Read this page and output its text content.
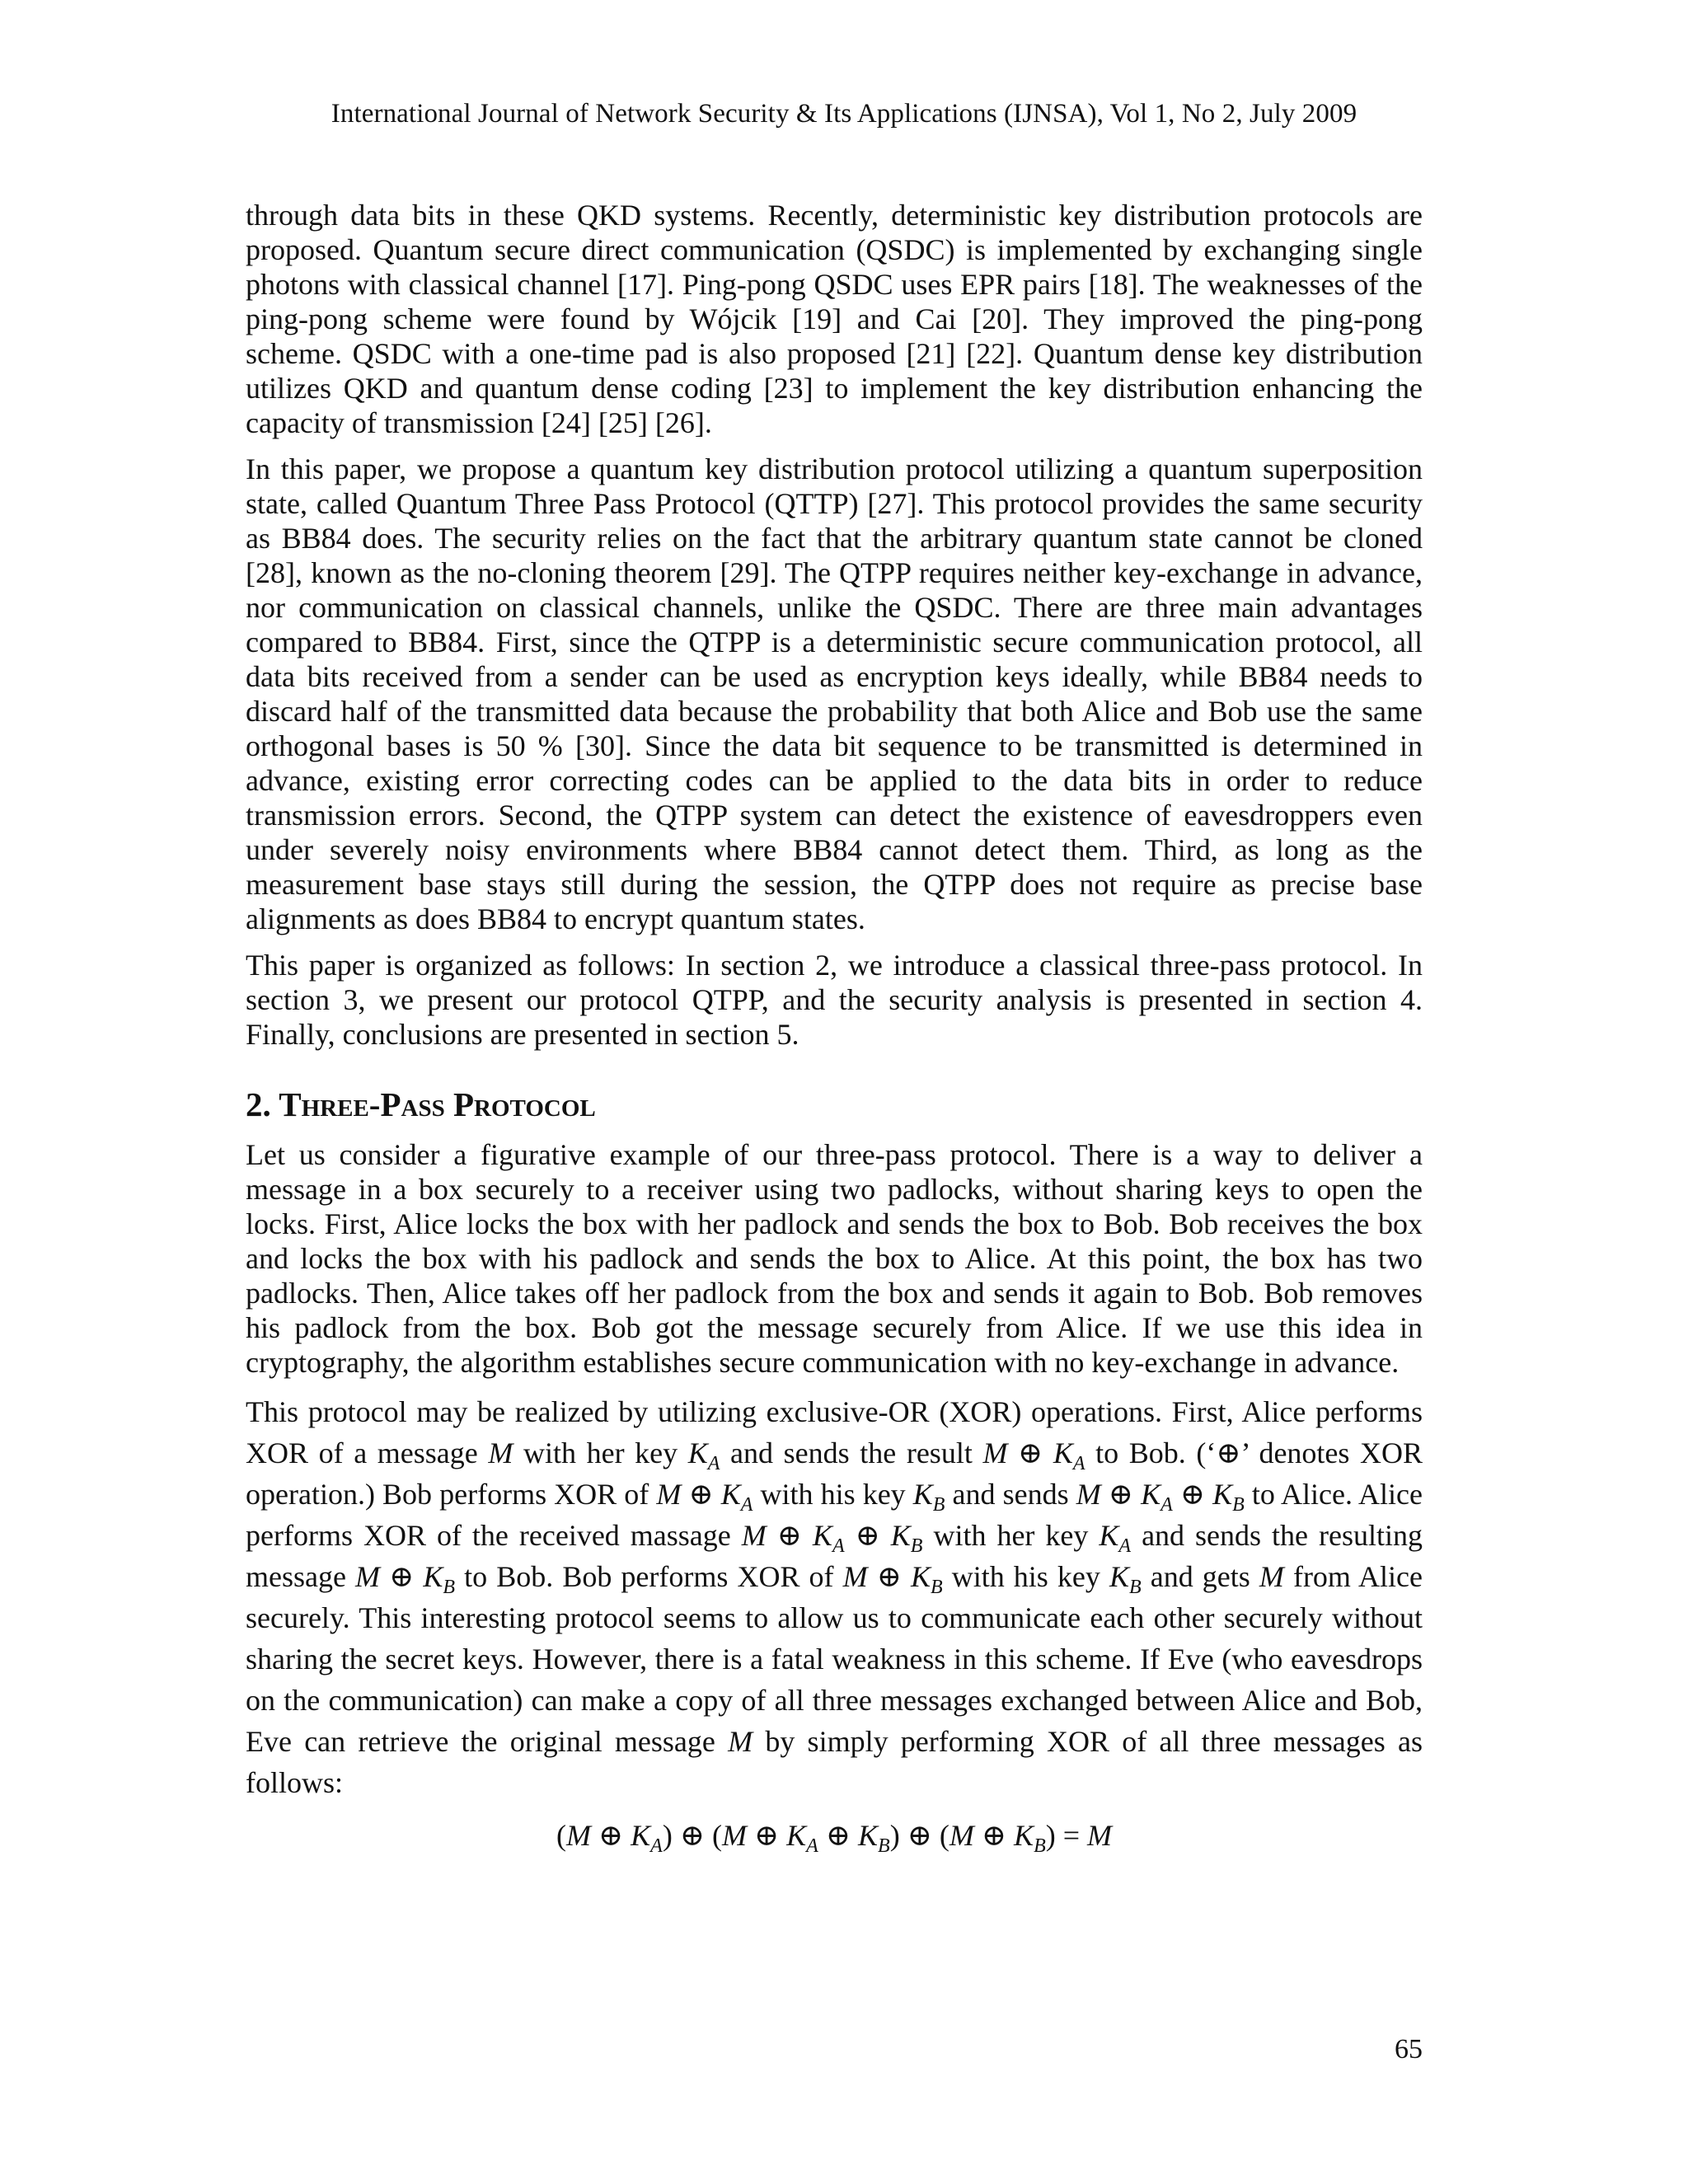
International Journal of Network Security & Its Applications (IJNSA), Vol 1, No 2, July 2009

through data bits in these QKD systems. Recently, deterministic key distribution protocols are proposed. Quantum secure direct communication (QSDC) is implemented by exchanging single photons with classical channel [17]. Ping-pong QSDC uses EPR pairs [18]. The weaknesses of the ping-pong scheme were found by Wójcik [19] and Cai [20]. They improved the ping-pong scheme. QSDC with a one-time pad is also proposed [21] [22]. Quantum dense key distribution utilizes QKD and quantum dense coding [23] to implement the key distribution enhancing the capacity of transmission [24] [25] [26].

In this paper, we propose a quantum key distribution protocol utilizing a quantum superposition state, called Quantum Three Pass Protocol (QTTP) [27]. This protocol provides the same security as BB84 does. The security relies on the fact that the arbitrary quantum state cannot be cloned [28], known as the no-cloning theorem [29]. The QTPP requires neither key-exchange in advance, nor communication on classical channels, unlike the QSDC. There are three main advantages compared to BB84. First, since the QTPP is a deterministic secure communication protocol, all data bits received from a sender can be used as encryption keys ideally, while BB84 needs to discard half of the transmitted data because the probability that both Alice and Bob use the same orthogonal bases is 50 % [30]. Since the data bit sequence to be transmitted is determined in advance, existing error correcting codes can be applied to the data bits in order to reduce transmission errors. Second, the QTPP system can detect the existence of eavesdroppers even under severely noisy environments where BB84 cannot detect them. Third, as long as the measurement base stays still during the session, the QTPP does not require as precise base alignments as does BB84 to encrypt quantum states.

This paper is organized as follows: In section 2, we introduce a classical three-pass protocol. In section 3, we present our protocol QTPP, and the security analysis is presented in section 4. Finally, conclusions are presented in section 5.

2. Three-Pass Protocol

Let us consider a figurative example of our three-pass protocol. There is a way to deliver a message in a box securely to a receiver using two padlocks, without sharing keys to open the locks. First, Alice locks the box with her padlock and sends the box to Bob. Bob receives the box and locks the box with his padlock and sends the box to Alice. At this point, the box has two padlocks. Then, Alice takes off her padlock from the box and sends it again to Bob. Bob removes his padlock from the box. Bob got the message securely from Alice. If we use this idea in cryptography, the algorithm establishes secure communication with no key-exchange in advance.

This protocol may be realized by utilizing exclusive-OR (XOR) operations. First, Alice performs XOR of a message M with her key $K_A$ and sends the result M ⊕ $K_A$ to Bob. (‘⊕’ denotes XOR operation.) Bob performs XOR of M ⊕ $K_A$ with his key $K_B$ and sends M ⊕ $K_A$ ⊕ $K_B$ to Alice. Alice performs XOR of the received massage M ⊕ $K_A$ ⊕ $K_B$ with her key $K_A$ and sends the resulting message M ⊕ $K_B$ to Bob. Bob performs XOR of M ⊕ $K_B$ with his key $K_B$ and gets M from Alice securely. This interesting protocol seems to allow us to communicate each other securely without sharing the secret keys. However, there is a fatal weakness in this scheme. If Eve (who eavesdrops on the communication) can make a copy of all three messages exchanged between Alice and Bob, Eve can retrieve the original message M by simply performing XOR of all three messages as follows:

(M ⊕ $K_A$) ⊕ (M ⊕ $K_A$ ⊕ $K_B$) ⊕ (M ⊕ $K_B) = M$
65
